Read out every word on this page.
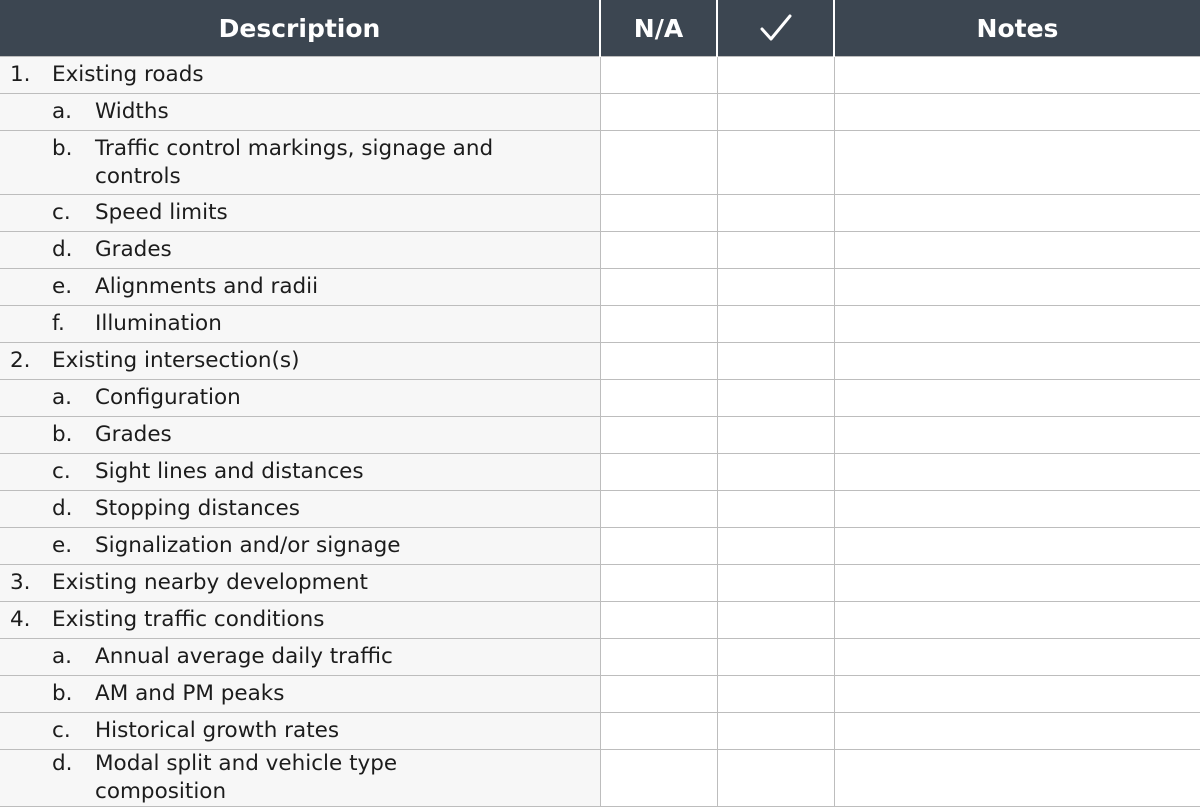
Description	N/A		Notes

1. Existing roads			

a. Widths			

b. Traffic control markings, signage and controls			

c. Speed limits			

d. Grades			

e. Alignments and radii			

f. Illumination			

2. Existing intersection(s)			

a. Configuration			

b. Grades			

c. Sight lines and distances			

d. Stopping distances			

e. Signalization and/or signage			

3. Existing nearby development			

4. Existing traffic conditions			

a. Annual average daily traffic			

b. AM and PM peaks			

c. Historical growth rates			

d. Modal split and vehicle type composition			
